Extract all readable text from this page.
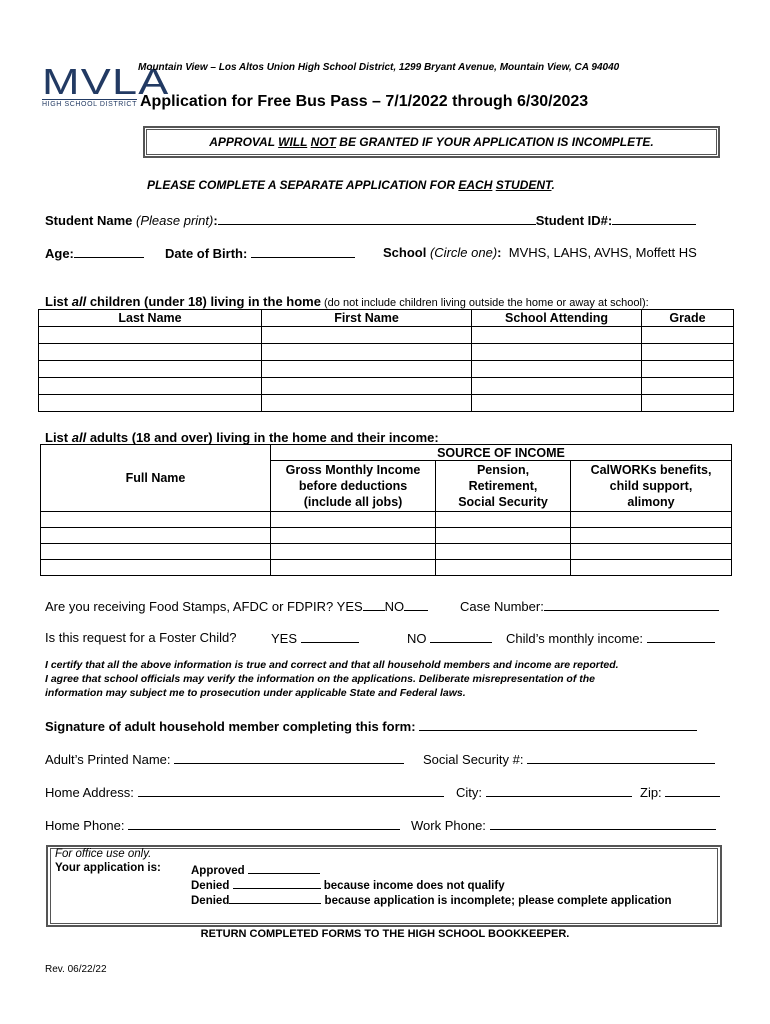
MVLA
HIGH SCHOOL DISTRICT
Mountain View – Los Altos Union High School District, 1299 Bryant Avenue, Mountain View, CA 94040
Application for Free Bus Pass – 7/1/2022 through 6/30/2023
APPROVAL WILL NOT BE GRANTED IF YOUR APPLICATION IS INCOMPLETE.
PLEASE COMPLETE A SEPARATE APPLICATION FOR EACH STUDENT.
Student Name (Please print):	Student ID#:
Age:	Date of Birth:	School (Circle one): MVHS, LAHS, AVHS, Moffett HS
List all children (under 18) living in the home (do not include children living outside the home or away at school):
Last Name	First Name	School Attending	Grade

List all adults (18 and over) living in the home and their income:
Full Name	SOURCE OF INCOME		
	Gross Monthly Income
before deductions
(include all jobs)	Pension,
Retirement,
Social Security	CalWORKs benefits,
child support,
alimony

Are you receiving Food Stamps, AFDC or FDPIR? YES NO	Case Number:
Is this request for a Foster Child?	YES	NO	Child’s monthly income:
I certify that all the above information is true and correct and that all household members and income are reported.
I agree that school officials may verify the information on the applications. Deliberate misrepresentation of the
information may subject me to prosecution under applicable State and Federal laws.
Signature of adult household member completing this form:
Adult’s Printed Name:	Social Security #:
Home Address:	City:	Zip:
Home Phone:	Work Phone:
For office use only.
Your application is:	Approved
Denied	because income does not qualify
Denied	because application is incomplete; please complete application
RETURN COMPLETED FORMS TO THE HIGH SCHOOL BOOKKEEPER.
Rev. 06/22/22
